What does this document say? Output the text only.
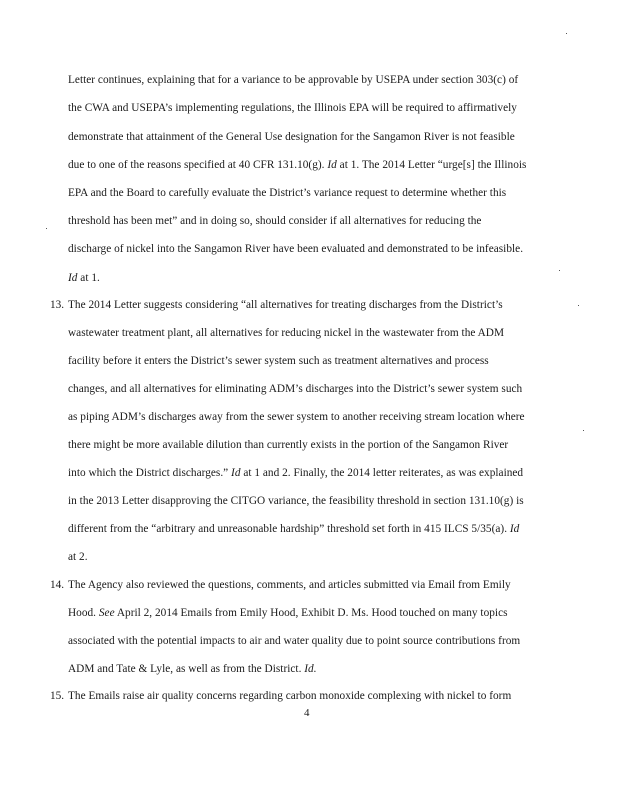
Letter continues, explaining that for a variance to be approvable by USEPA under section 303(c) of
the CWA and USEPA’s implementing regulations, the Illinois EPA will be required to affirmatively
demonstrate that attainment of the General Use designation for the Sangamon River is not feasible
due to one of the reasons specified at 40 CFR 131.10(g). Id at 1. The 2014 Letter “urge[s] the Illinois
EPA and the Board to carefully evaluate the District’s variance request to determine whether this
threshold has been met” and in doing so, should consider if all alternatives for reducing the
discharge of nickel into the Sangamon River have been evaluated and demonstrated to be infeasible.
Id at 1.
13. The 2014 Letter suggests considering “all alternatives for treating discharges from the District’s
wastewater treatment plant, all alternatives for reducing nickel in the wastewater from the ADM
facility before it enters the District’s sewer system such as treatment alternatives and process
changes, and all alternatives for eliminating ADM’s discharges into the District’s sewer system such
as piping ADM’s discharges away from the sewer system to another receiving stream location where
there might be more available dilution than currently exists in the portion of the Sangamon River
into which the District discharges.” Id at 1 and 2. Finally, the 2014 letter reiterates, as was explained
in the 2013 Letter disapproving the CITGO variance, the feasibility threshold in section 131.10(g) is
different from the “arbitrary and unreasonable hardship” threshold set forth in 415 ILCS 5/35(a). Id
at 2.
14. The Agency also reviewed the questions, comments, and articles submitted via Email from Emily
Hood. See April 2, 2014 Emails from Emily Hood, Exhibit D. Ms. Hood touched on many topics
associated with the potential impacts to air and water quality due to point source contributions from
ADM and Tate & Lyle, as well as from the District. Id.
15. The Emails raise air quality concerns regarding carbon monoxide complexing with nickel to form
4
